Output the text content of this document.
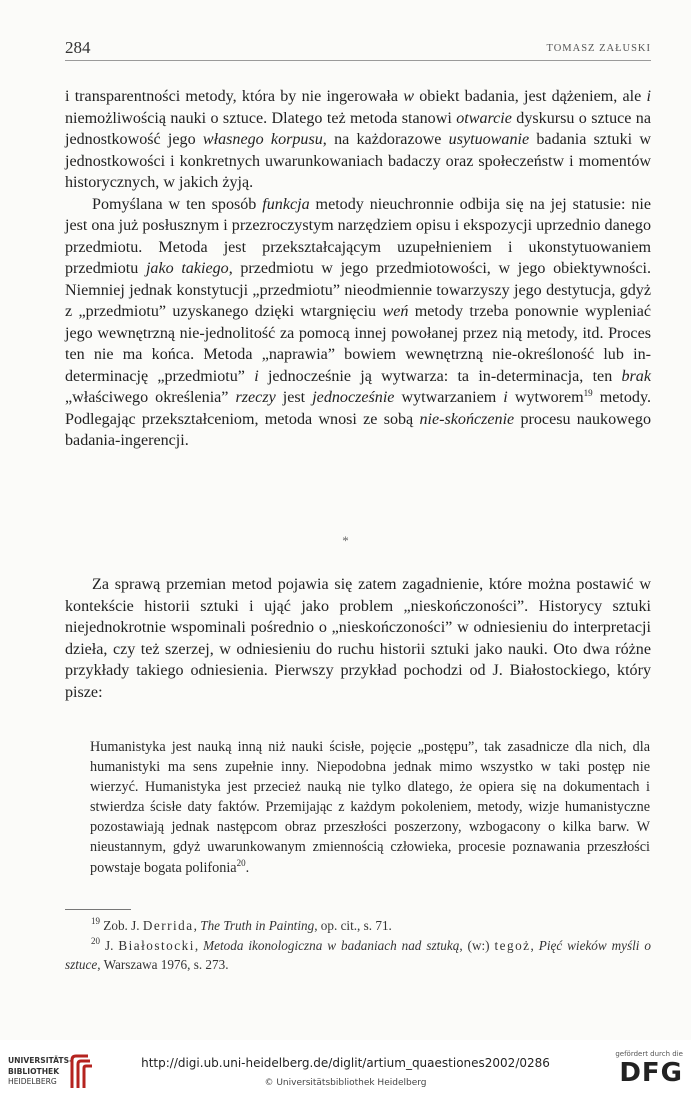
284	TOMASZ ZAŁUSKI

i transparentności metody, która by nie ingerowała w obiekt badania, jest dążeniem, ale i niemożliwością nauki o sztuce. Dlatego też metoda stanowi otwarcie dyskursu o sztuce na jednostkowość jego własnego korpusu, na każdorazowe usytuowanie badania sztuki w jednostkowości i konkretnych uwarunkowaniach badaczy oraz społeczeństw i momentów historycznych, w jakich żyją.

Pomyślana w ten sposób funkcja metody nieuchronnie odbija się na jej statusie: nie jest ona już posłusznym i przezroczystym narzędziem opisu i ekspozycji uprzednio danego przedmiotu. Metoda jest przekształcającym uzupełnieniem i ukonstytuowaniem przedmiotu jako takiego, przedmiotu w jego przedmiotowości, w jego obiektywności. Niemniej jednak konstytucji „przedmiotu” nieodmiennie towarzyszy jego destytucja, gdyż z „przedmiotu” uzyskanego dzięki wtargnięciu weń metody trzeba ponownie wypleniać jego wewnętrzną nie-jednolitość za pomocą innej powołanej przez nią metody, itd. Proces ten nie ma końca. Metoda „naprawia” bowiem wewnętrzną nie-określoność lub in-determinację „przedmiotu” i jednocześnie ją wytwarza: ta in-determinacja, ten brak „właściwego określenia” rzeczy jest jednocześnie wytwarzaniem i wytworem$^{19}$ metody. Podlegając przekształceniom, metoda wnosi ze sobą nie-skończenie procesu naukowego badania-ingerencji.

*

Za sprawą przemian metod pojawia się zatem zagadnienie, które można postawić w kontekście historii sztuki i ująć jako problem „nieskończoności”. Historycy sztuki niejednokrotnie wspominali pośrednio o „nieskończoności” w odniesieniu do interpretacji dzieła, czy też szerzej, w odniesieniu do ruchu historii sztuki jako nauki. Oto dwa różne przykłady takiego odniesienia. Pierwszy przykład pochodzi od J. Białostockiego, który pisze:

Humanistyka jest nauką inną niż nauki ścisłe, pojęcie „postępu”, tak zasadnicze dla nich, dla humanistyki ma sens zupełnie inny. Niepodobna jednak mimo wszystko w taki postęp nie wierzyć. Humanistyka jest przecież nauką nie tylko dlatego, że opiera się na dokumentach i stwierdza ścisłe daty faktów. Przemijając z każdym pokoleniem, metody, wizje humanistyczne pozostawiają jednak następcom obraz przeszłości poszerzony, wzbogacony o kilka barw. W nieustannym, gdyż uwarunkowanym zmiennością człowieka, procesie poznawania przeszłości powstaje bogata polifonia$^{20}$.

$^{19}$ Zob. J. Derrida, The Truth in Painting, op. cit., s. 71.

$^{20}$ J. Białostocki, Metoda ikonologiczna w badaniach nad sztuką, (w:) tegoż, Pięć wieków myśli o sztuce, Warszawa 1976, s. 273.

UNIVERSITÄTS-
BIBLIOTHEK
HEIDELBERG
http://digi.ub.uni-heidelberg.de/diglit/artium_quaestiones2002/0286
© Universitätsbibliothek Heidelberg
gefördert durch die
DFG
